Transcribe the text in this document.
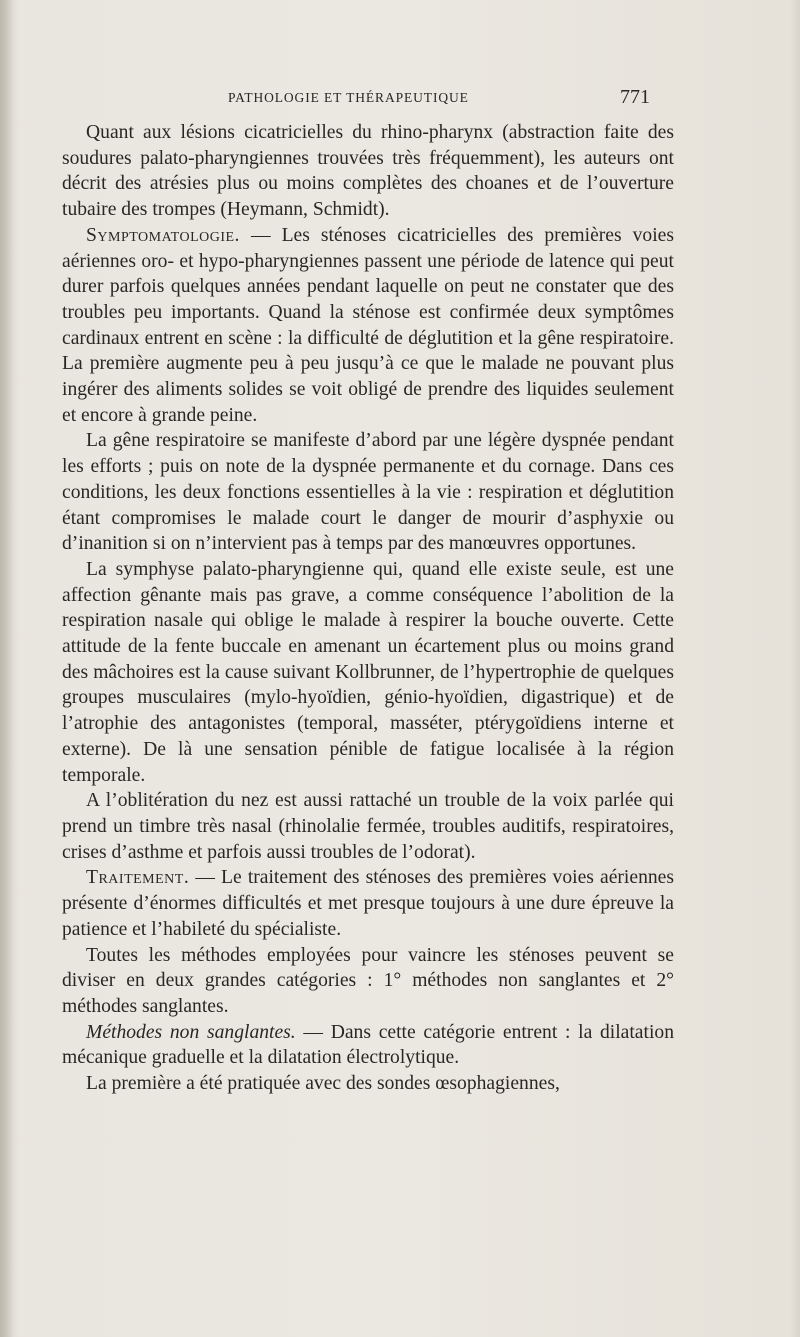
PATHOLOGIE ET THÉRAPEUTIQUE	771

Quant aux lésions cicatricielles du rhino-pharynx (abstraction faite des soudures palato-pharyngiennes trouvées très fréquemment), les auteurs ont décrit des atrésies plus ou moins complètes des choanes et de l’ouverture tubaire des trompes (Heymann, Schmidt).

Symptomatologie. — Les sténoses cicatricielles des premières voies aériennes oro- et hypo-pharyngiennes passent une période de latence qui peut durer parfois quelques années pendant laquelle on peut ne constater que des troubles peu importants. Quand la sténose est confirmée deux symptômes cardinaux entrent en scène : la difficulté de déglutition et la gêne respiratoire. La première augmente peu à peu jusqu’à ce que le malade ne pouvant plus ingérer des aliments solides se voit obligé de prendre des liquides seulement et encore à grande peine.

La gêne respiratoire se manifeste d’abord par une légère dyspnée pendant les efforts ; puis on note de la dyspnée permanente et du cornage. Dans ces conditions, les deux fonctions essentielles à la vie : respiration et déglutition étant compromises le malade court le danger de mourir d’asphyxie ou d’inanition si on n’intervient pas à temps par des manœuvres opportunes.

La symphyse palato-pharyngienne qui, quand elle existe seule, est une affection gênante mais pas grave, a comme conséquence l’abolition de la respiration nasale qui oblige le malade à respirer la bouche ouverte. Cette attitude de la fente buccale en amenant un écartement plus ou moins grand des mâchoires est la cause suivant Kollbrunner, de l’hypertrophie de quelques groupes musculaires (mylo-hyoïdien, génio-hyoïdien, digastrique) et de l’atrophie des antagonistes (temporal, masséter, ptérygoïdiens interne et externe). De là une sensation pénible de fatigue localisée à la région temporale.

A l’oblitération du nez est aussi rattaché un trouble de la voix parlée qui prend un timbre très nasal (rhinolalie fermée, troubles auditifs, respiratoires, crises d’asthme et parfois aussi troubles de l’odorat).

Traitement. — Le traitement des sténoses des premières voies aériennes présente d’énormes difficultés et met presque toujours à une dure épreuve la patience et l’habileté du spécialiste.

Toutes les méthodes employées pour vaincre les sténoses peuvent se diviser en deux grandes catégories : 1° méthodes non sanglantes et 2° méthodes sanglantes.

Méthodes non sanglantes. — Dans cette catégorie entrent : la dilatation mécanique graduelle et la dilatation électrolytique.

La première a été pratiquée avec des sondes œsophagiennes,
